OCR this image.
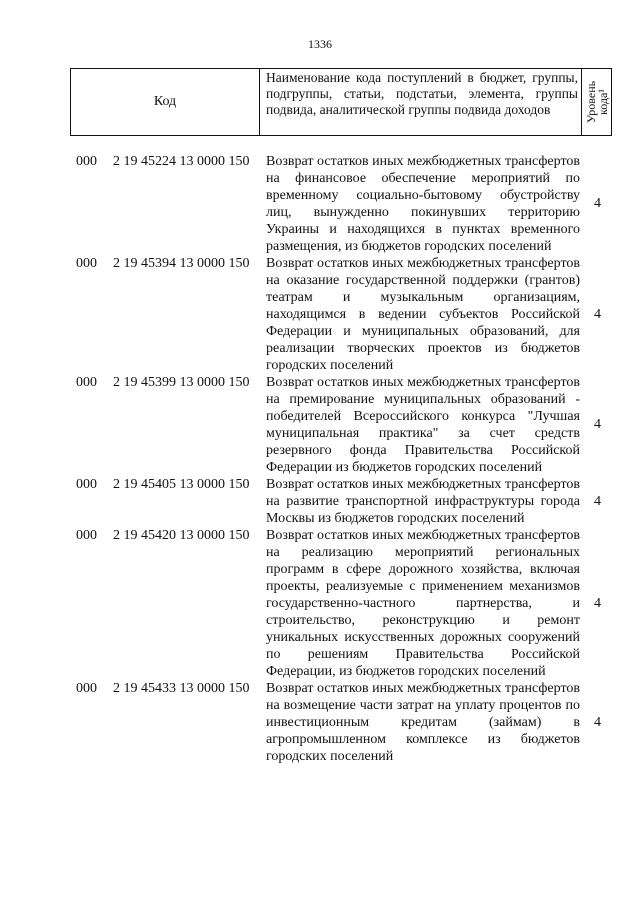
1336
Код
Наименование кода поступлений в бюджет, группы, подгруппы, статьи, подстатьи, элемента, группы подвида, аналитической группы подвида доходов	Уровень
кода¹
000 2 19 45224 13 0000 150 Возврат остатков иных межбюджетных трансфертов на финансовое обеспечение мероприятий по временному социально-бытовому обустройству лиц, вынужденно покинувших территорию Украины и находящихся в пунктах временного размещения, из бюджетов городских поселений
4
000 2 19 45394 13 0000 150 Возврат остатков иных межбюджетных трансфертов на оказание государственной поддержки (грантов) театрам и музыкальным организациям, находящимся в ведении субъектов Российской Федерации и муниципальных образований, для реализации творческих проектов из бюджетов городских поселений
4
000 2 19 45399 13 0000 150 Возврат остатков иных межбюджетных трансфертов на премирование муниципальных образований - победителей Всероссийского конкурса "Лучшая муниципальная практика" за счет средств резервного фонда Правительства Российской Федерации из бюджетов городских поселений
4
000 2 19 45405 13 0000 150 Возврат остатков иных межбюджетных трансфертов на развитие транспортной инфраструктуры города Москвы из бюджетов городских поселений
4
000 2 19 45420 13 0000 150 Возврат остатков иных межбюджетных трансфертов на реализацию мероприятий региональных программ в сфере дорожного хозяйства, включая проекты, реализуемые с применением механизмов государственно-частного партнерства, и строительство, реконструкцию и ремонт уникальных искусственных дорожных сооружений по решениям Правительства Российской Федерации, из бюджетов городских поселений
4
000 2 19 45433 13 0000 150 Возврат остатков иных межбюджетных трансфертов на возмещение части затрат на уплату процентов по инвестиционным кредитам (займам) в агропромышленном комплексе из бюджетов городских поселений
4
